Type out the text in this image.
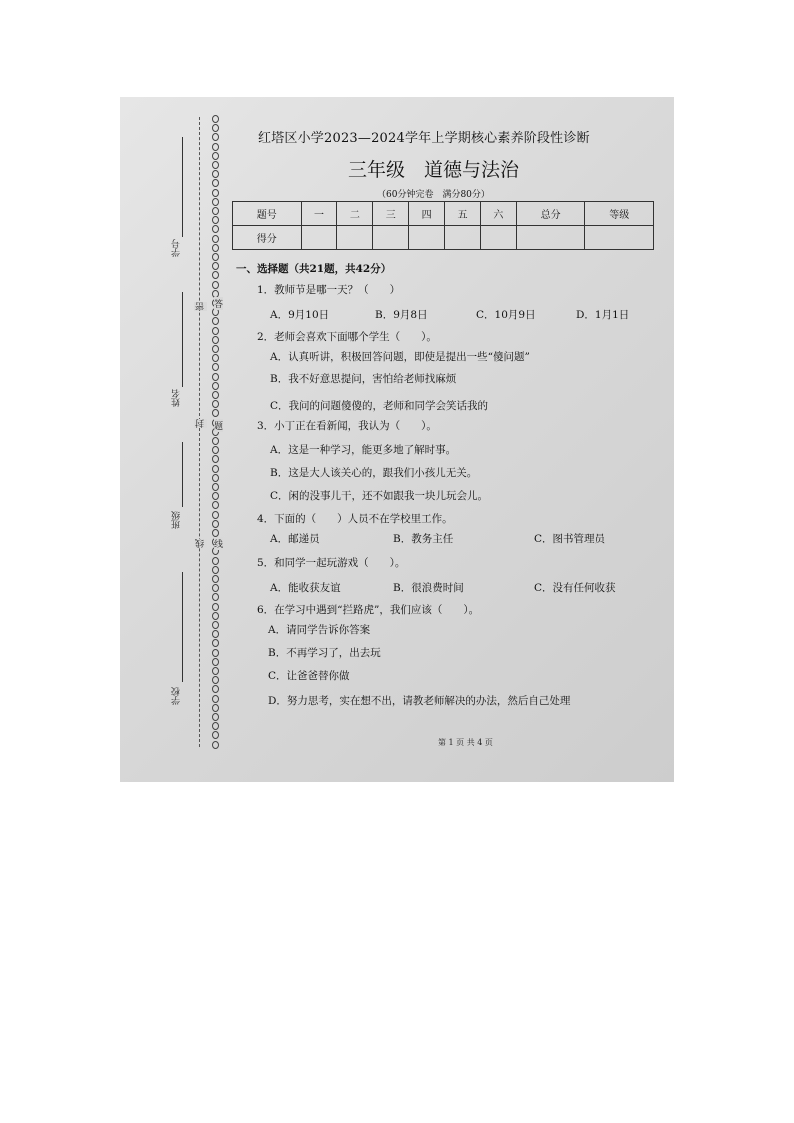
学号
姓名
班级
学校
密
封
线
答
题
线
红塔区小学2023—2024学年上学期核心素养阶段性诊断
三年级　道德与法治
（60分钟完卷　满分80分）
题号	一	二	三	四	五	六	总分	等级
得分								
一、选择题（共21题，共42分）
1．教师节是哪一天？（　　）
A．9月10日	B．9月8日	C．10月9日	D．1月1日
2．老师会喜欢下面哪个学生（　　）。
A．认真听讲，积极回答问题，即使是提出一些“傻问题”
B．我不好意思提问，害怕给老师找麻烦
C．我问的问题傻傻的，老师和同学会笑话我的
3．小丁正在看新闻，我认为（　　）。
A．这是一种学习，能更多地了解时事。
B．这是大人该关心的，跟我们小孩儿无关。
C．闲的没事儿干，还不如跟我一块儿玩会儿。
4．下面的（　　）人员不在学校里工作。
A．邮递员	B．教务主任	C．图书管理员
5．和同学一起玩游戏（　　）。
A．能收获友谊	B．很浪费时间	C．没有任何收获
6．在学习中遇到“拦路虎”，我们应该（　　）。
A．请同学告诉你答案
B．不再学习了，出去玩
C．让爸爸替你做
D．努力思考，实在想不出，请教老师解决的办法，然后自己处理
第 1 页 共 4 页
